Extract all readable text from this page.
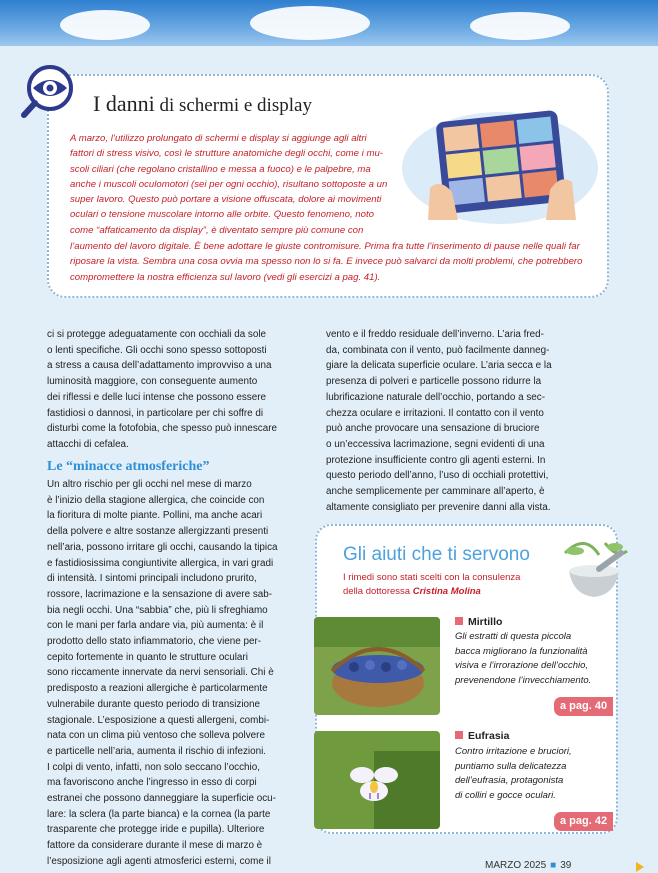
I danni di schermi e display
A marzo, l’utilizzo prolungato di schermi e display si aggiunge agli altri
fattori di stress visivo, così le strutture anatomiche degli occhi, come i mu-
scoli ciliari (che regolano cristallino e messa a fuoco) e le palpebre, ma
anche i muscoli oculomotori (sei per ogni occhio), risultano sottoposte a un
super lavoro. Questo può portare a visione offuscata, dolore ai movimenti
oculari o tensione muscolare intorno alle orbite. Questo fenomeno, noto
come “affaticamento da display”, è diventato sempre più comune con
l’aumento del lavoro digitale. È bene adottare le giuste contromisure. Prima fra tutte l’inserimento di pause nelle quali far
riposare la vista. Sembra una cosa ovvia ma spesso non lo si fa. E invece può salvarci da molti problemi, che potrebbero
compromettere la nostra efficienza sul lavoro (vedi gli esercizi a pag. 41).

ci si protegge adeguatamente con occhiali da sole

o lenti specifiche. Gli occhi sono spesso sottoposti

a stress a causa dell’adattamento improvviso a una

luminosità maggiore, con conseguente aumento

dei riflessi e delle luci intense che possono essere

fastidiosi o dannosi, in particolare per chi soffre di

disturbi come la fotofobia, che spesso può innescare

attacchi di cefalea.

Le “minacce atmosferiche”

Un altro rischio per gli occhi nel mese di marzo

è l’inizio della stagione allergica, che coincide con

la fioritura di molte piante. Pollini, ma anche acari

della polvere e altre sostanze allergizzanti presenti

nell’aria, possono irritare gli occhi, causando la tipica

e fastidiosissima congiuntivite allergica, in vari gradi

di intensità. I sintomi principali includono prurito,

rossore, lacrimazione e la sensazione di avere sab-

bia negli occhi. Una “sabbia” che, più li sfreghiamo

con le mani per farla andare via, più aumenta: è il

prodotto dello stato infiammatorio, che viene per-

cepito fortemente in quanto le strutture oculari

sono riccamente innervate da nervi sensoriali. Chi è

predisposto a reazioni allergiche è particolarmente

vulnerabile durante questo periodo di transizione

stagionale. L’esposizione a questi allergeni, combi-

nata con un clima più ventoso che solleva polvere

e particelle nell’aria, aumenta il rischio di infezioni.

I colpi di vento, infatti, non solo seccano l’occhio,

ma favoriscono anche l’ingresso in esso di corpi

estranei che possono danneggiare la superficie ocu-

lare: la sclera (la parte bianca) e la cornea (la parte

trasparente che protegge iride e pupilla). Ulteriore

fattore da considerare durante il mese di marzo è

l’esposizione agli agenti atmosferici esterni, come il

vento e il freddo residuale dell’inverno. L’aria fred-

da, combinata con il vento, può facilmente danneg-

giare la delicata superficie oculare. L’aria secca e la

presenza di polveri e particelle possono ridurre la

lubrificazione naturale dell’occhio, portando a sec-

chezza oculare e irritazioni. Il contatto con il vento

può anche provocare una sensazione di bruciore

o un’eccessiva lacrimazione, segni evidenti di una

protezione insufficiente contro gli agenti esterni. In

questo periodo dell’anno, l’uso di occhiali protettivi,

anche semplicemente per camminare all’aperto, è

altamente consigliato per prevenire danni alla vista.

Gli aiuti che ti servono
I rimedi sono stati scelti con la consulenza
della dottoressa Cristina Molina
Mirtillo
Gli estratti di questa piccola
bacca migliorano la funzionalità
visiva e l’irrorazione dell’occhio,
prevenendone l’invecchiamento.
a pag. 40
Eufrasia
Contro irritazione e bruciori,
puntiamo sulla delicatezza
dell’eufrasia, protagonista
di colliri e gocce oculari.
a pag. 42
MARZO 2025 ■ 39
